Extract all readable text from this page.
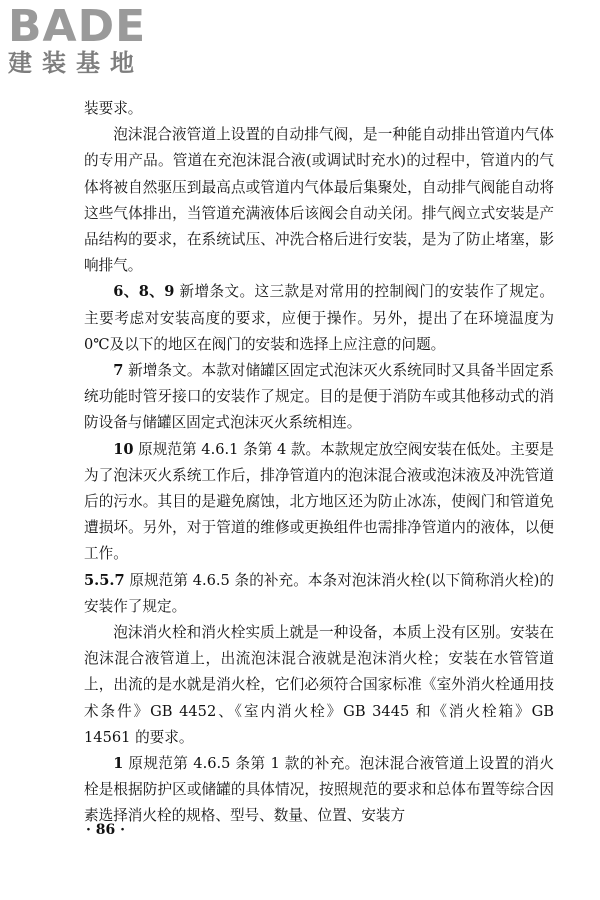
BADE
建装基地

装要求。

泡沫混合液管道上设置的自动排气阀，是一种能自动排出管道内气体的专用产品。管道在充泡沫混合液(或调试时充水)的过程中，管道内的气体将被自然驱压到最高点或管道内气体最后集聚处，自动排气阀能自动将这些气体排出，当管道充满液体后该阀会自动关闭。排气阀立式安装是产品结构的要求，在系统试压、冲洗合格后进行安装，是为了防止堵塞，影响排气。

6、8、9 新增条文。这三款是对常用的控制阀门的安装作了规定。主要考虑对安装高度的要求，应便于操作。另外，提出了在环境温度为 0℃及以下的地区在阀门的安装和选择上应注意的问题。

7 新增条文。本款对储罐区固定式泡沫灭火系统同时又具备半固定系统功能时管牙接口的安装作了规定。目的是便于消防车或其他移动式的消防设备与储罐区固定式泡沫灭火系统相连。

10 原规范第 4.6.1 条第 4 款。本款规定放空阀安装在低处。主要是为了泡沫灭火系统工作后，排净管道内的泡沫混合液或泡沫液及冲洗管道后的污水。其目的是避免腐蚀，北方地区还为防止冰冻，使阀门和管道免遭损坏。另外，对于管道的维修或更换组件也需排净管道内的液体，以便工作。

5.5.7 原规范第 4.6.5 条的补充。本条对泡沫消火栓(以下简称消火栓)的安装作了规定。

泡沫消火栓和消火栓实质上就是一种设备，本质上没有区别。安装在泡沫混合液管道上，出流泡沫混合液就是泡沫消火栓；安装在水管管道上，出流的是水就是消火栓，它们必须符合国家标准《室外消火栓通用技术条件》GB 4452、《室内消火栓》GB 3445 和《消火栓箱》GB 14561 的要求。

1 原规范第 4.6.5 条第 1 款的补充。泡沫混合液管道上设置的消火栓是根据防护区或储罐的具体情况，按照规范的要求和总体布置等综合因素选择消火栓的规格、型号、数量、位置、安装方

· 86 ·
